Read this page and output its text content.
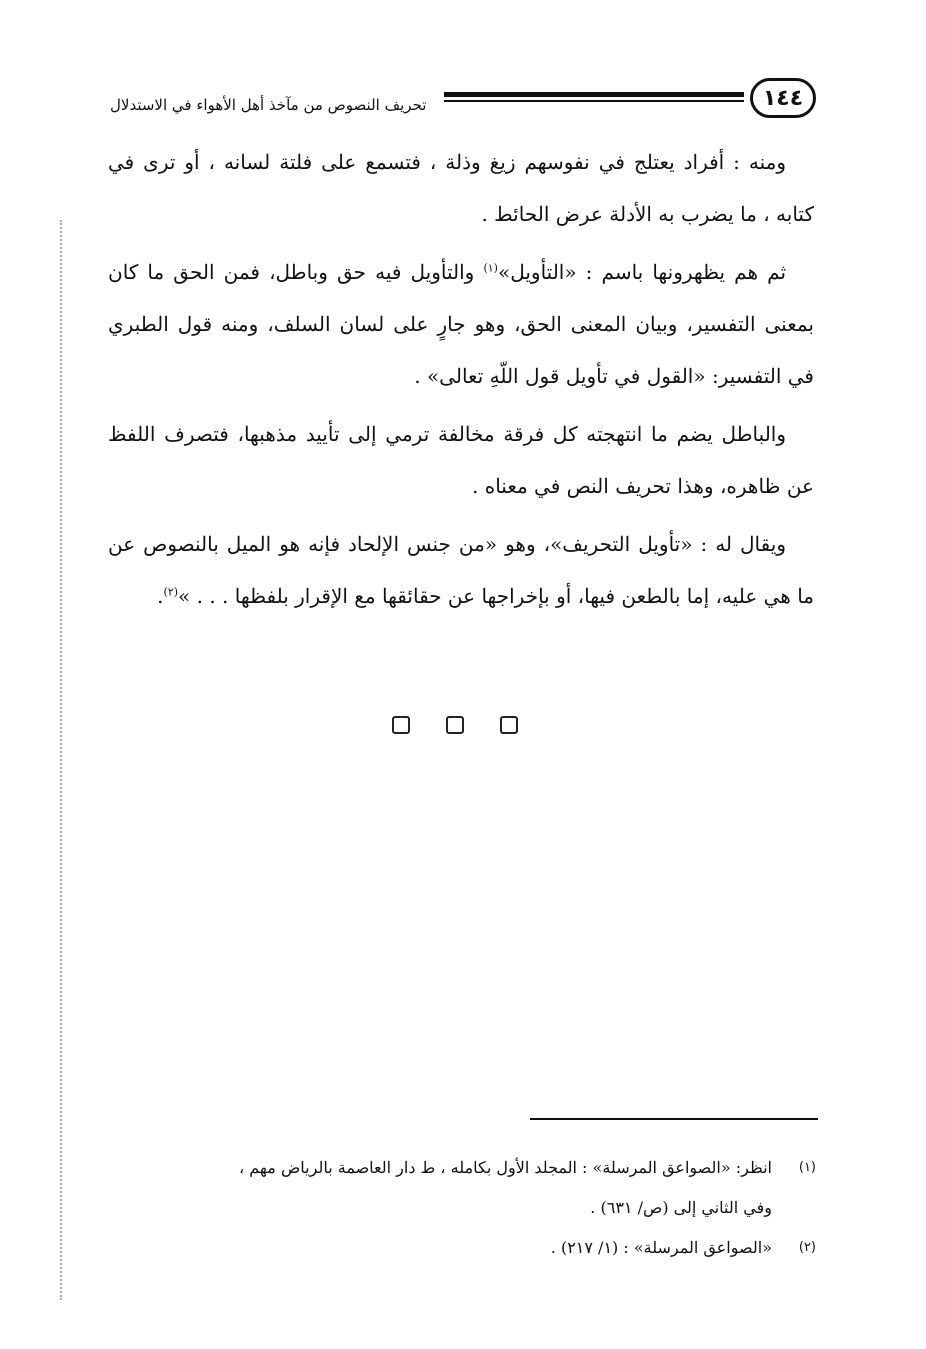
١٤٤
تحريف النصوص من مآخذ أهل الأهواء في الاستدلال

ومنه : أفراد يعتلج في نفوسهم زيغ وذلة ، فتسمع على فلتة لسانه ، أو ترى في كتابه ، ما يضرب به الأدلة عرض الحائط .

ثم هم يظهرونها باسم : «التأويل»$^{(١)}$ والتأويل فيه حق وباطل، فمن الحق ما كان بمعنى التفسير، وبيان المعنى الحق، وهو جارٍ على لسان السلف، ومنه قول الطبري في التفسير: «القول في تأويل قول اللّهِ تعالى» .

والباطل يضم ما انتهجته كل فرقة مخالفة ترمي إلى تأييد مذهبها، فتصرف اللفظ عن ظاهره، وهذا تحريف النص في معناه .

ويقال له : «تأويل التحريف»، وهو «من جنس الإلحاد فإنه هو الميل بالنصوص عن ما هي عليه، إما بالطعن فيها، أو بإخراجها عن حقائقها مع الإقرار بلفظها . . . »$^{(٢)}$.

(١)
انظر: «الصواعق المرسلة» : المجلد الأول بكامله ، ط دار العاصمة بالرياض مهم ،
وفي الثاني إلى (ص/ ٦٣١) .
(٢)
«الصواعق المرسلة» : (١/ ٢١٧) .
